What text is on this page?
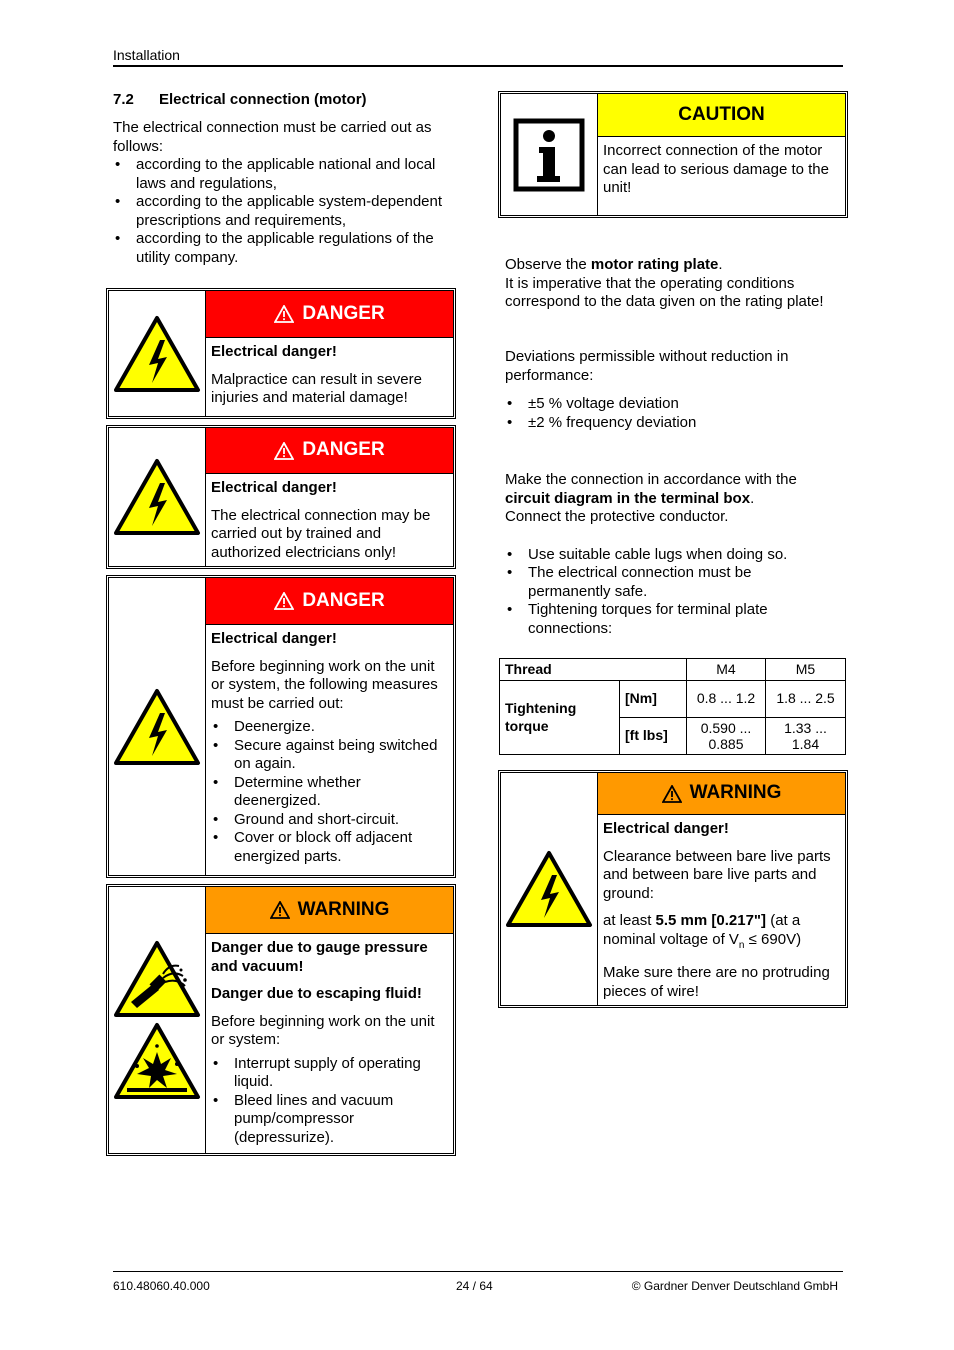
Installation
7.2 Electrical connection (motor)

The electrical connection must be carried out as follows:

• according to the applicable national and local laws and regulations,
• according to the applicable system-dependent prescriptions and requirements,
• according to the applicable regulations of the utility company.
DANGER

Electrical danger!

Malpractice can result in severe injuries and material damage!

DANGER

Electrical danger!

The electrical connection may be carried out by trained and authorized electricians only!

DANGER

Electrical danger!

Before beginning work on the unit or system, the following measures must be carried out:

• Deenergize.
• Secure against being switched on again.
• Determine whether deenergized.
• Ground and short-circuit.
• Cover or block off adjacent energized parts.
WARNING

Danger due to gauge pressure and vacuum!

Danger due to escaping fluid!

Before beginning work on the unit or system:

• Interrupt supply of operating liquid.
• Bleed lines and vacuum pump/compressor (depressurize).
CAUTION

Incorrect connection of the motor can lead to serious damage to the unit!

Observe the motor rating plate.

It is imperative that the operating conditions correspond to the data given on the rating plate!

Deviations permissible without reduction in performance:

• ±5 % voltage deviation
• ±2 % frequency deviation

Make the connection in accordance with the circuit diagram in the terminal box.

Connect the protective conductor.

• Use suitable cable lugs when doing so.
• The electrical connection must be permanently safe.
• Tightening torques for terminal plate connections:
Thread		M4	M5
Tightening torque	[Nm]	0.8 ... 1.2	1.8 ... 2.5
	[ft lbs]	0.590 ... 0.885	1.33 ... 1.84
WARNING

Electrical danger!

Clearance between bare live parts and between bare live parts and ground:

at least 5.5 mm [0.217"] (at a nominal voltage of $V_n \le 690V$)

Make sure there are no protruding pieces of wire!

610.48060.40.000	24 / 64	© Gardner Denver Deutschland GmbH
